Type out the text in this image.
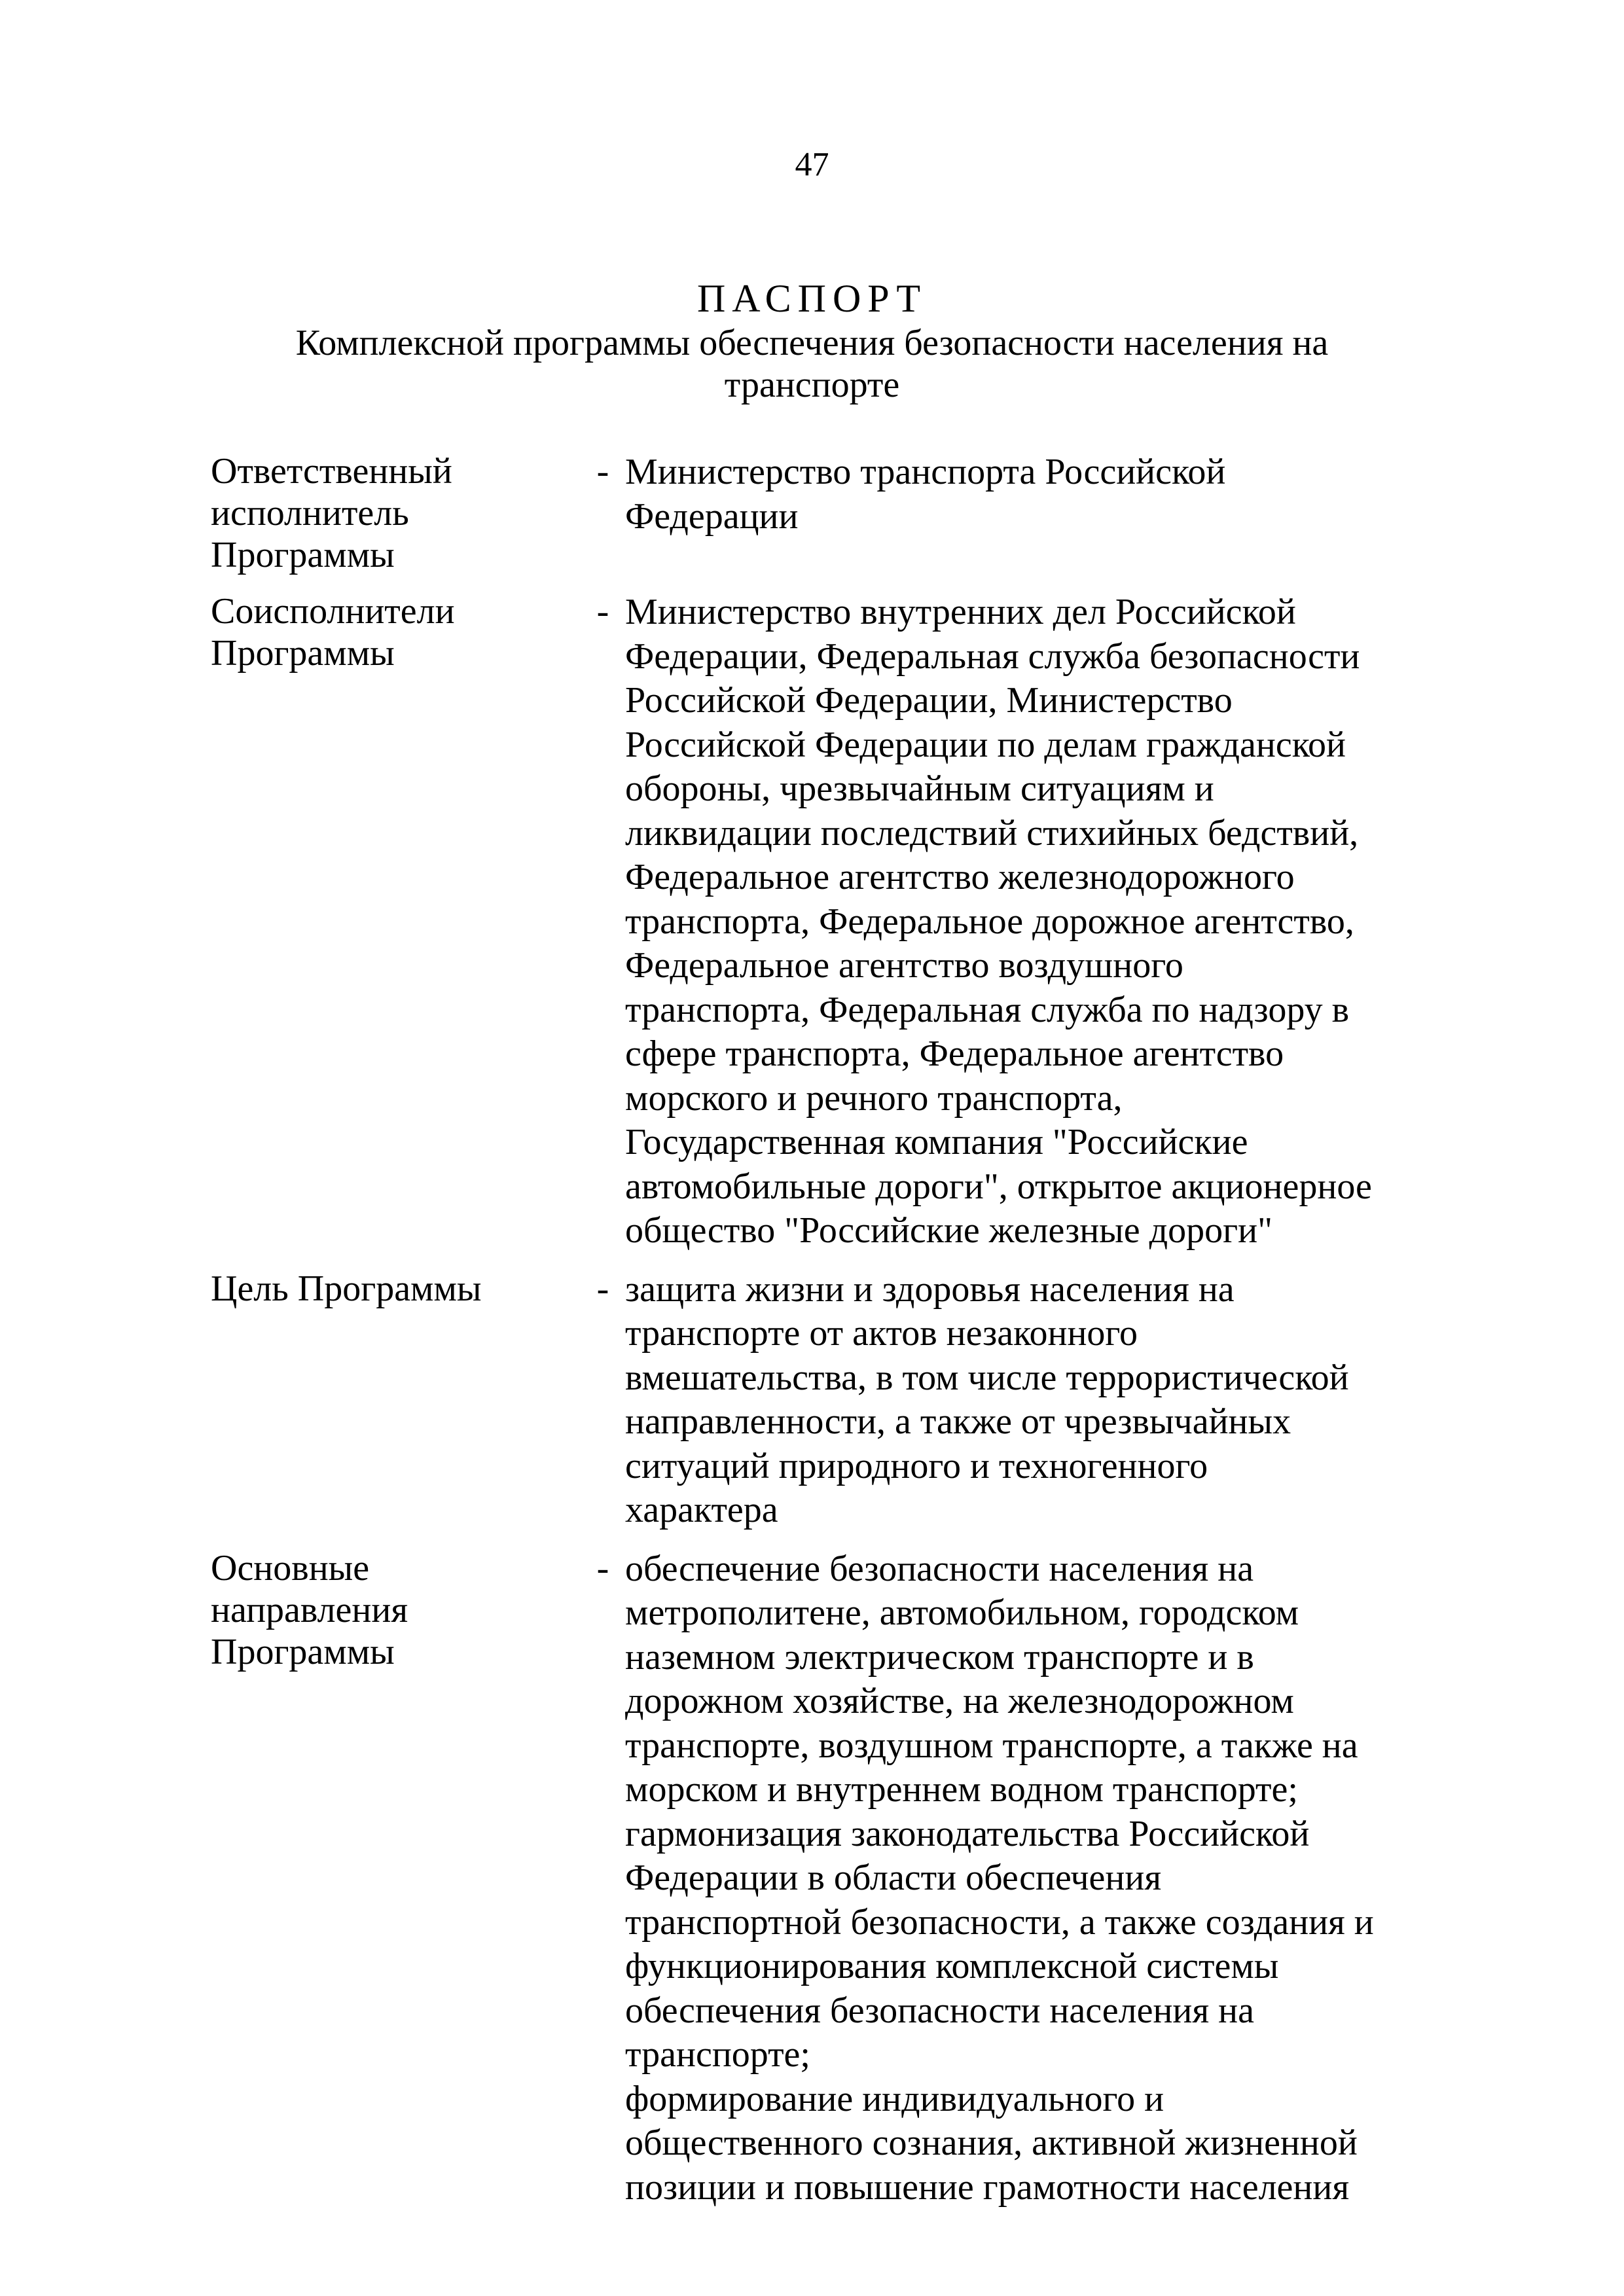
47
ПАСПОРТ
Комплексной программы обеспечения безопасности населения на транспорте
Ответственный
исполнитель
Программы
- Министерство транспорта Российской
Федерации
Соисполнители
Программы
- Министерство внутренних дел Российской
Федерации, Федеральная служба безопасности
Российской Федерации, Министерство
Российской Федерации по делам гражданской
обороны, чрезвычайным ситуациям и
ликвидации последствий стихийных бедствий,
Федеральное агентство железнодорожного
транспорта, Федеральное дорожное агентство,
Федеральное агентство воздушного
транспорта, Федеральная служба по надзору в
сфере транспорта, Федеральное агентство
морского и речного транспорта,
Государственная компания "Российские
автомобильные дороги", открытое акционерное
общество "Российские железные дороги"
Цель Программы	- защита жизни и здоровья населения на
транспорте от актов незаконного
вмешательства, в том числе террористической
направленности, а также от чрезвычайных
ситуаций природного и техногенного
характера
Основные
направления
Программы
- обеспечение безопасности населения на
метрополитене, автомобильном, городском
наземном электрическом транспорте и в
дорожном хозяйстве, на железнодорожном
транспорте, воздушном транспорте, а также на
морском и внутреннем водном транспорте;
гармонизация законодательства Российской
Федерации в области обеспечения
транспортной безопасности, а также создания и
функционирования комплексной системы
обеспечения безопасности населения на
транспорте;
формирование индивидуального и
общественного сознания, активной жизненной
позиции и повышение грамотности населения
